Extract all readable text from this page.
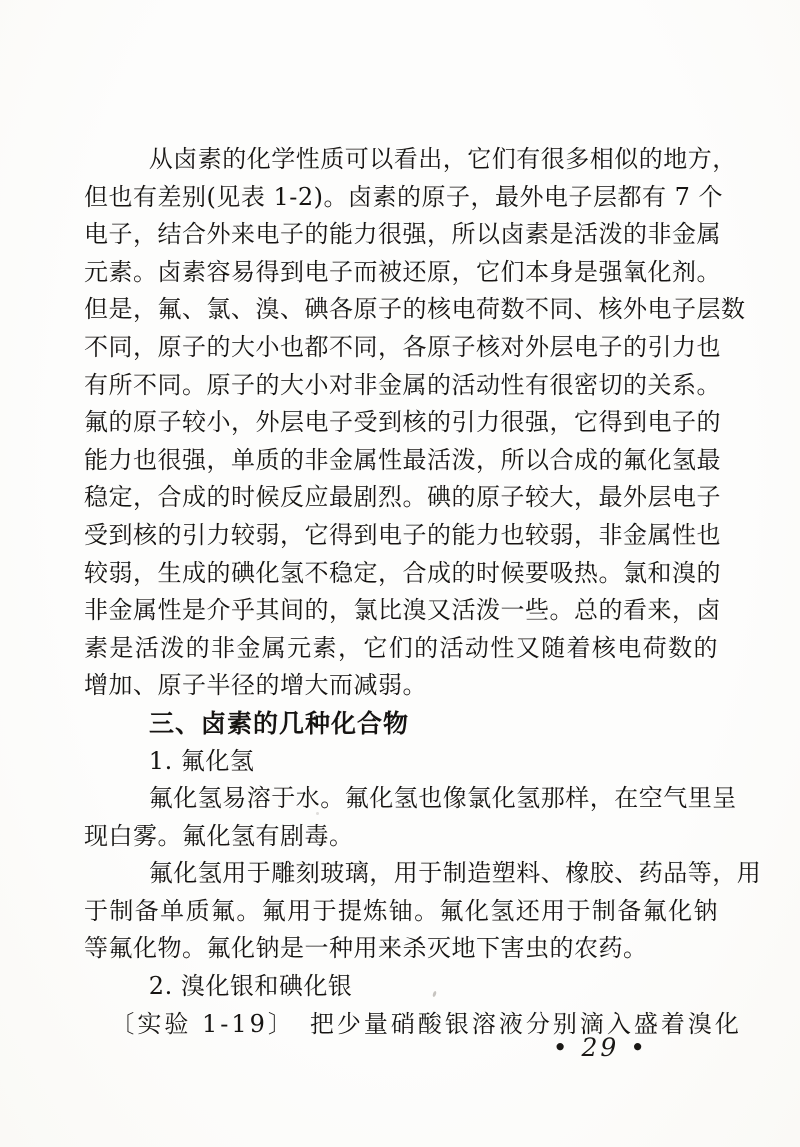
从卤素的化学性质可以看出，它们有很多相似的地方，
但也有差别(见表 1-2)。卤素的原子，最外电子层都有 7 个
电子，结合外来电子的能力很强，所以卤素是活泼的非金属
元素。卤素容易得到电子而被还原，它们本身是强氧化剂。
但是，氟、氯、溴、碘各原子的核电荷数不同、核外电子层数
不同，原子的大小也都不同，各原子核对外层电子的引力也
有所不同。原子的大小对非金属的活动性有很密切的关系。
氟的原子较小，外层电子受到核的引力很强，它得到电子的
能力也很强，单质的非金属性最活泼，所以合成的氟化氢最
稳定，合成的时候反应最剧烈。碘的原子较大，最外层电子
受到核的引力较弱，它得到电子的能力也较弱，非金属性也
较弱，生成的碘化氢不稳定，合成的时候要吸热。氯和溴的
非金属性是介乎其间的，氯比溴又活泼一些。总的看来，卤
素是活泼的非金属元素，它们的活动性又随着核电荷数的
增加、原子半径的增大而减弱。
三、卤素的几种化合物
1. 氟化氢
氟化氢易溶于水。氟化氢也像氯化氢那样，在空气里呈
现白雾。氟化氢有剧毒。
氟化氢用于雕刻玻璃，用于制造塑料、橡胶、药品等，用
于制备单质氟。氟用于提炼铀。氟化氢还用于制备氟化钠
等氟化物。氟化钠是一种用来杀灭地下害虫的农药。
2. 溴化银和碘化银
〔实验 1-19〕　把少量硝酸银溶液分别滴入盛着溴化
• 29 •
